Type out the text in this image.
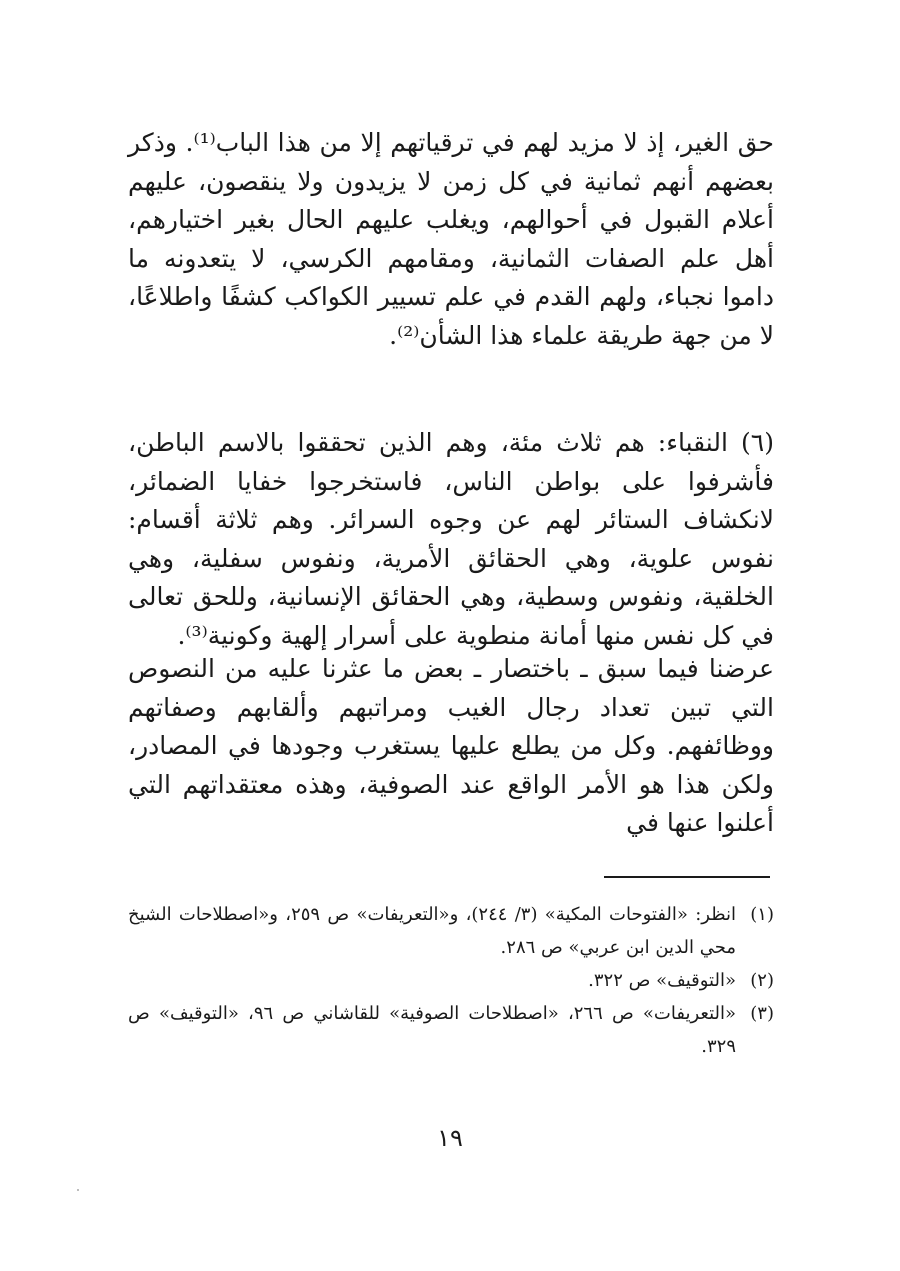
حق الغير، إذ لا مزيد لهم في ترقياتهم إلا من هذا الباب⁽¹⁾. وذكر بعضهم أنهم ثمانية في كل زمن لا يزيدون ولا ينقصون، عليهم أعلام القبول في أحوالهم، ويغلب عليهم الحال بغير اختيارهم، أهل علم الصفات الثمانية، ومقامهم الكرسي، لا يتعدونه ما داموا نجباء، ولهم القدم في علم تسيير الكواكب كشفًا واطلاعًا، لا من جهة طريقة علماء هذا الشأن⁽²⁾.

(٦) النقباء: هم ثلاث مئة، وهم الذين تحققوا بالاسم الباطن، فأشرفوا على بواطن الناس، فاستخرجوا خفايا الضمائر، لانكشاف الستائر لهم عن وجوه السرائر. وهم ثلاثة أقسام: نفوس علوية، وهي الحقائق الأمرية، ونفوس سفلية، وهي الخلقية، ونفوس وسطية، وهي الحقائق الإنسانية، وللحق تعالى في كل نفس منها أمانة منطوية على أسرار إلهية وكونية⁽³⁾.

عرضنا فيما سبق ـ باختصار ـ بعض ما عثرنا عليه من النصوص التي تبين تعداد رجال الغيب ومراتبهم وألقابهم وصفاتهم ووظائفهم. وكل من يطلع عليها يستغرب وجودها في المصادر، ولكن هذا هو الأمر الواقع عند الصوفية، وهذه معتقداتهم التي أعلنوا عنها في

(١)
انظر: «الفتوحات المكية» (٣/ ٢٤٤)، و«التعريفات» ص ٢٥٩، و«اصطلاحات الشيخ محي الدين ابن عربي» ص ٢٨٦.
(٢)
«التوقيف» ص ٣٢٢.
(٣)
«التعريفات» ص ٢٦٦، «اصطلاحات الصوفية» للقاشاني ص ٩٦، «التوقيف» ص ٣٢٩.
١٩
